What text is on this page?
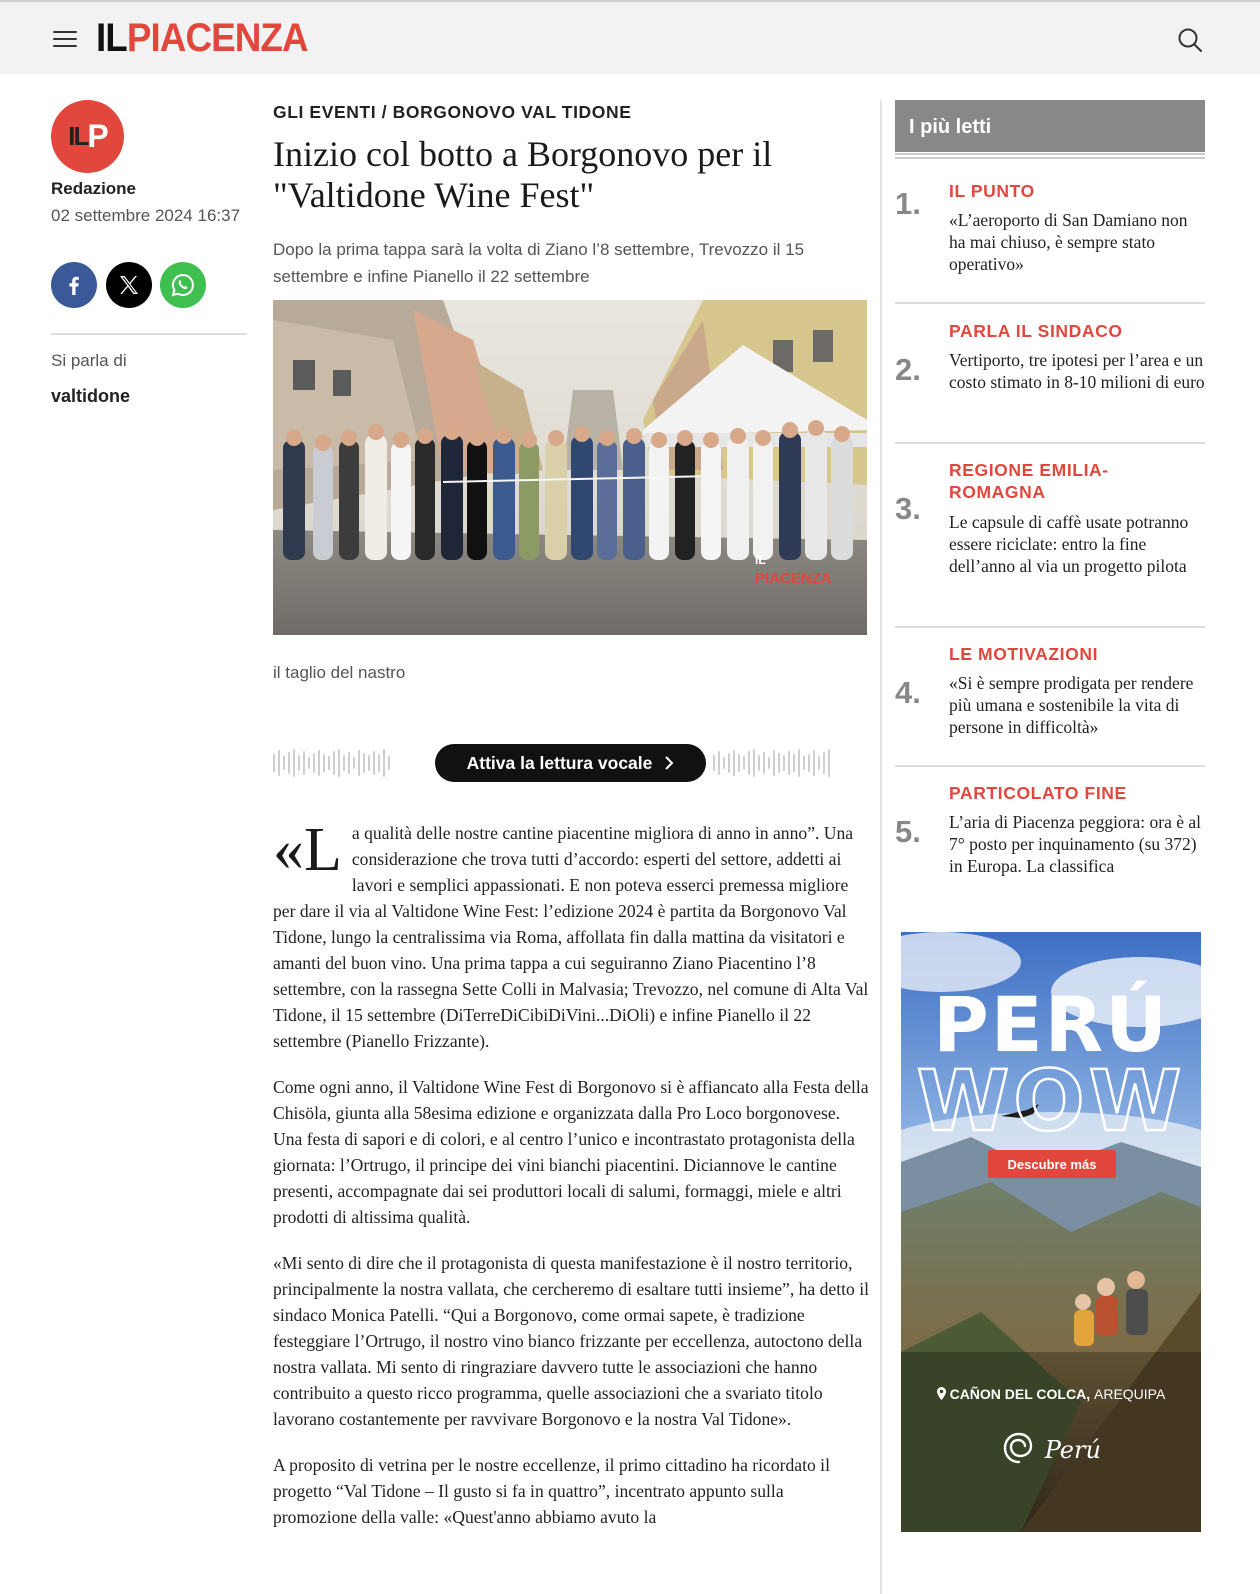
IL PIACENZA
IL P
Redazione
02 settembre 2024 16:37
Si parla di
valtidone
GLI EVENTI / BORGONOVO VAL TIDONE
Inizio col botto a Borgonovo per il "Valtidone Wine Fest"
Dopo la prima tappa sarà la volta di Ziano l’8 settembre, Trevozzo il 15 settembre e infine Pianello il 22 settembre
IL
PIACENZA
il taglio del nastro
Attiva la lettura vocale

«La qualità delle nostre cantine piacentine migliora di anno in anno”. Una considerazione che trova tutti d’accordo: esperti del settore, addetti ai lavori e semplici appassionati. E non poteva esserci premessa migliore per dare il via al Valtidone Wine Fest: l’edizione 2024 è partita da Borgonovo Val Tidone, lungo la centralissima via Roma, affollata fin dalla mattina da visitatori e amanti del buon vino. Una prima tappa a cui seguiranno Ziano Piacentino l’8 settembre, con la rassegna Sette Colli in Malvasia; Trevozzo, nel comune di Alta Val Tidone, il 15 settembre (DiTerreDiCibiDiVini...DiOli) e infine Pianello il 22 settembre (Pianello Frizzante).

Come ogni anno, il Valtidone Wine Fest di Borgonovo si è affiancato alla Festa della Chisöla, giunta alla 58esima edizione e organizzata dalla Pro Loco borgonovese. Una festa di sapori e di colori, e al centro l’unico e incontrastato protagonista della giornata: l’Ortrugo, il principe dei vini bianchi piacentini. Diciannove le cantine presenti, accompagnate dai sei produttori locali di salumi, formaggi, miele e altri prodotti di altissima qualità.

«Mi sento di dire che il protagonista di questa manifestazione è il nostro territorio, principalmente la nostra vallata, che cercheremo di esaltare tutti insieme”, ha detto il sindaco Monica Patelli. “Qui a Borgonovo, come ormai sapete, è tradizione festeggiare l’Ortrugo, il nostro vino bianco frizzante per eccellenza, autoctono della nostra vallata. Mi sento di ringraziare davvero tutte le associazioni che hanno contribuito a questo ricco programma, quelle associazioni che a svariato titolo lavorano costantemente per ravvivare Borgonovo e la nostra Val Tidone».

A proposito di vetrina per le nostre eccellenze, il primo cittadino ha ricordato il progetto “Val Tidone – Il gusto si fa in quattro”, incentrato appunto sulla promozione della valle: «Quest'anno abbiamo avuto la

I più letti
1. IL PUNTO
«L’aeroporto di San Damiano non ha mai chiuso, è sempre stato operativo»
2.
PARLA IL SINDACO
Vertiporto, tre ipotesi per l’area e un costo stimato in 8-10 milioni di euro
3.
REGIONE EMILIA-ROMAGNA
Le capsule di caffè usate potranno essere riciclate: entro la fine dell’anno al via un progetto pilota
4.
LE MOTIVAZIONI
«Si è sempre prodigata per rendere più umana e sostenibile la vita di persone in difficoltà»
5.
PARTICOLATO FINE
L’aria di Piacenza peggiora: ora è al 7° posto per inquinamento (su 372) in Europa. La classifica
PERÚ
WOW
Descubre más
CAÑON DEL COLCA, AREQUIPA
Perú
